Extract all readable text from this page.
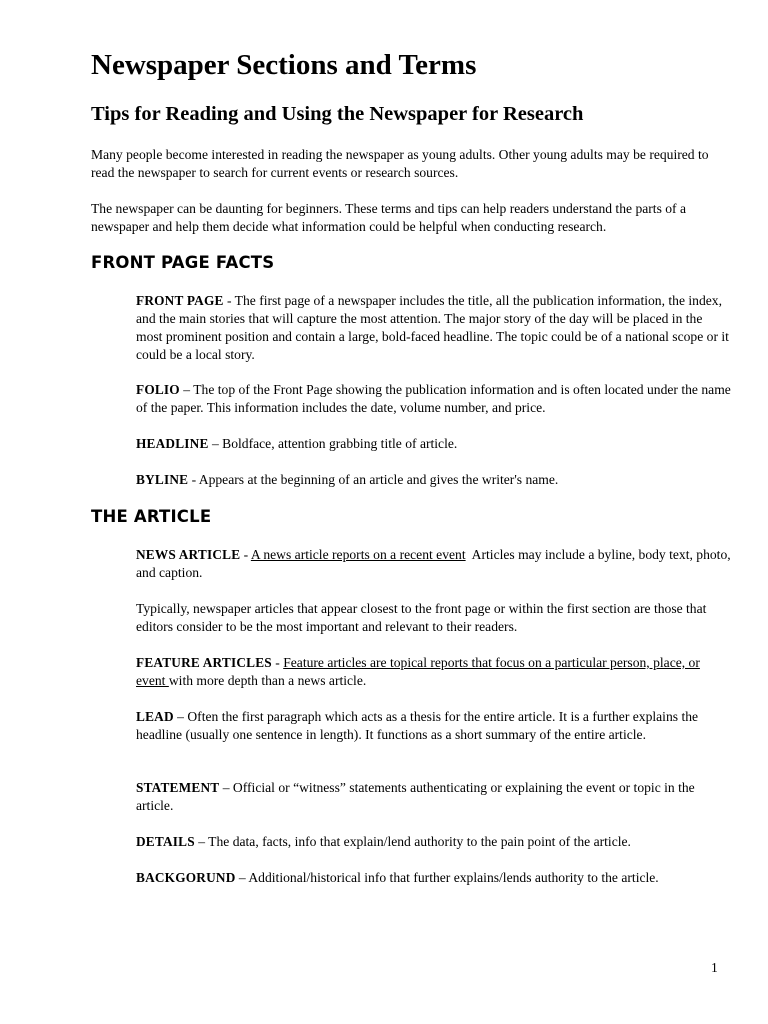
Newspaper Sections and Terms
Tips for Reading and Using the Newspaper for Research

Many people become interested in reading the newspaper as young adults. Other young adults may be required to read the newspaper to search for current events or research sources.

The newspaper can be daunting for beginners. These terms and tips can help readers understand the parts of a newspaper and help them decide what information could be helpful when conducting research.

FRONT PAGE FACTS

FRONT PAGE - The first page of a newspaper includes the title, all the publication information, the index, and the main stories that will capture the most attention. The major story of the day will be placed in the most prominent position and contain a large, bold-faced headline. The topic could be of a national scope or it could be a local story.

FOLIO – The top of the Front Page showing the publication information and is often located under the name of the paper. This information includes the date, volume number, and price.

HEADLINE – Boldface, attention grabbing title of article.

BYLINE - Appears at the beginning of an article and gives the writer's name.

THE ARTICLE

NEWS ARTICLE - A news article reports on a recent event  Articles may include a byline, body text, photo, and caption.

Typically, newspaper articles that appear closest to the front page or within the first section are those that editors consider to be the most important and relevant to their readers.

FEATURE ARTICLES - Feature articles are topical reports that focus on a particular person, place, or event with more depth than a news article.

LEAD – Often the first paragraph which acts as a thesis for the entire article. It is a further explains the headline (usually one sentence in length). It functions as a short summary of the entire article.

STATEMENT – Official or “witness” statements authenticating or explaining the event or topic in the article.

DETAILS – The data, facts, info that explain/lend authority to the pain point of the article.

BACKGORUND – Additional/historical info that further explains/lends authority to the article.

1
